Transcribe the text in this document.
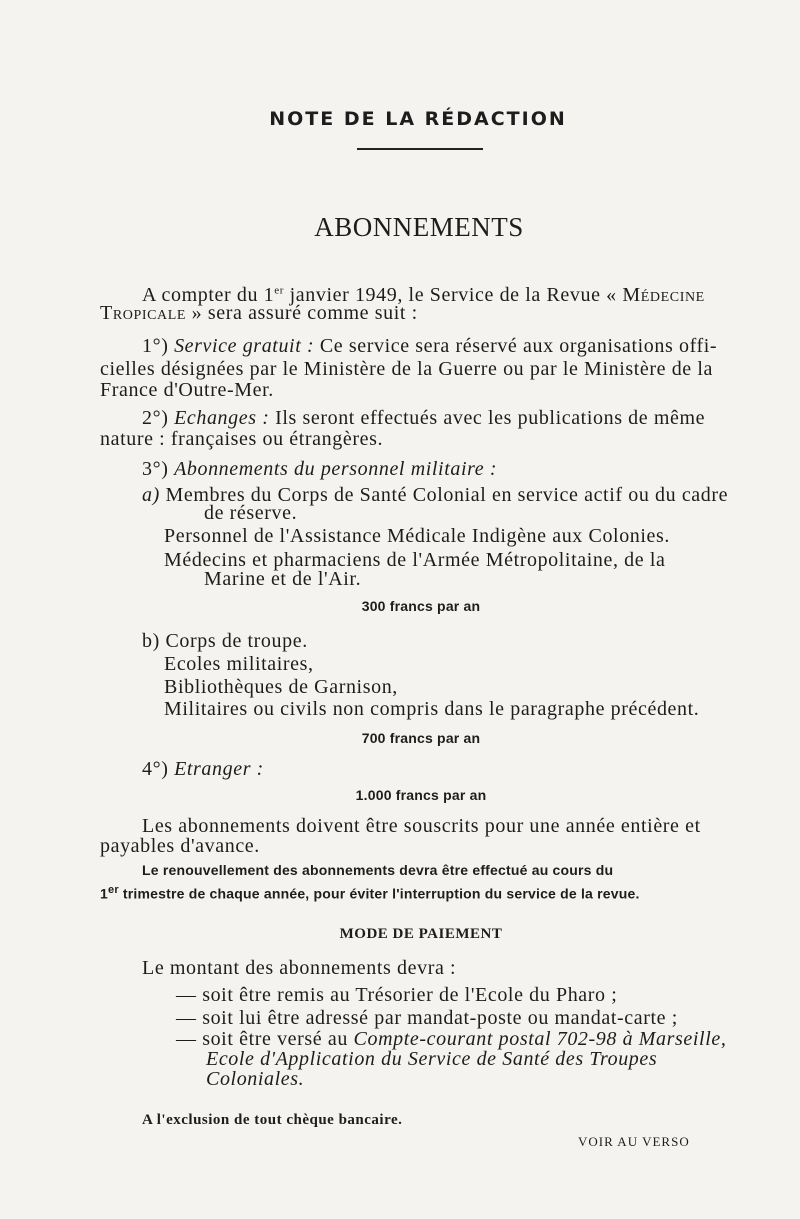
NOTE DE LA RÉDACTION
ABONNEMENTS
A compter du 1er janvier 1949, le Service de la Revue « Médecine
Tropicale » sera assuré comme suit :
1°) Service gratuit : Ce service sera réservé aux organisations offi-
cielles désignées par le Ministère de la Guerre ou par le Ministère de la
France d'Outre-Mer.
2°) Echanges : Ils seront effectués avec les publications de même
nature : françaises ou étrangères.
3°) Abonnements du personnel militaire :
a) Membres du Corps de Santé Colonial en service actif ou du cadre
de réserve.
Personnel de l'Assistance Médicale Indigène aux Colonies.
Médecins et pharmaciens de l'Armée Métropolitaine, de la
Marine et de l'Air.
300 francs par an
b) Corps de troupe.
Ecoles militaires,
Bibliothèques de Garnison,
Militaires ou civils non compris dans le paragraphe précédent.
700 francs par an
4°) Etranger :
1.000 francs par an
Les abonnements doivent être souscrits pour une année entière et
payables d'avance.
Le renouvellement des abonnements devra être effectué au cours du
1er trimestre de chaque année, pour éviter l'interruption du service de la revue.
MODE DE PAIEMENT
Le montant des abonnements devra :
— soit être remis au Trésorier de l'Ecole du Pharo ;
— soit lui être adressé par mandat-poste ou mandat-carte ;
— soit être versé au Compte-courant postal 702-98 à Marseille,
Ecole d'Application du Service de Santé des Troupes
Coloniales.
A l'exclusion de tout chèque bancaire.
VOIR AU VERSO
